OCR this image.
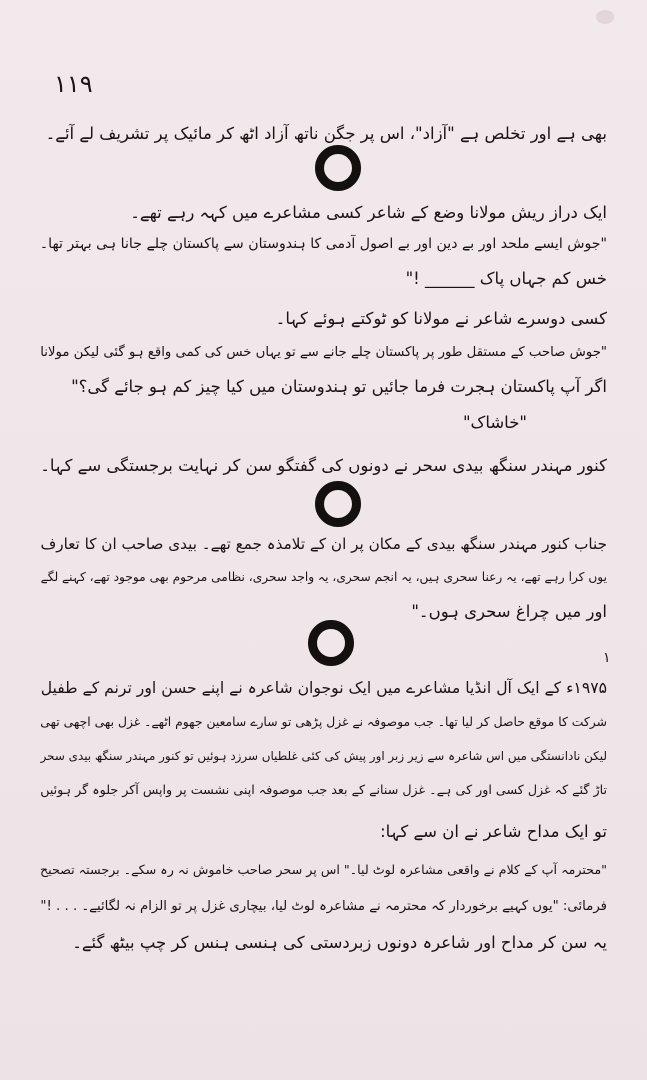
۱۱۹
بھی ہے اور تخلص ہے "آزاد"، اس پر جگن ناتھ آزاد اٹھ کر مائیک پر تشریف لے آئے۔
ایک دراز ریش مولانا وضع کے شاعر کسی مشاعرے میں کہہ رہے تھے۔
"جوش ایسے ملحد اور بے دین اور بے اصول آدمی کا ہندوستان سے پاکستان چلے جانا ہی بہتر تھا۔
خس کم جہاں پاک ______ !"
کسی دوسرے شاعر نے مولانا کو ٹوکتے ہوئے کہا۔
"جوش صاحب کے مستقل طور پر پاکستان چلے جانے سے تو یہاں خس کی کمی واقع ہو گئی لیکن مولانا
اگر آپ پاکستان ہجرت فرما جائیں تو ہندوستان میں کیا چیز کم ہو جائے گی؟"
"خاشاک"
کنور مہندر سنگھ بیدی سحر نے دونوں کی گفتگو سن کر نہایت برجستگی سے کہا۔
جناب کنور مہندر سنگھ بیدی کے مکان پر ان کے تلامذہ جمع تھے۔ بیدی صاحب ان کا تعارف
یوں کرا رہے تھے، یہ رعنا سحری ہیں، یہ انجم سحری، یہ واجد سحری، نظامی مرحوم بھی موجود تھے، کہنے لگے
اور میں چراغ سحری ہوں۔"
۱
۱۹۷۵ء کے ایک آل انڈیا مشاعرے میں ایک نوجوان شاعرہ نے اپنے حسن اور ترنم کے طفیل
شرکت کا موقع حاصل کر لیا تھا۔ جب موصوفہ نے غزل پڑھی تو سارے سامعین جھوم اٹھے۔ غزل بھی اچھی تھی
لیکن نادانستگی میں اس شاعرہ سے زیر زبر اور پیش کی کئی غلطیاں سرزد ہوئیں تو کنور مہندر سنگھ بیدی سحر
تاڑ گئے کہ غزل کسی اور کی ہے۔ غزل سنانے کے بعد جب موصوفہ اپنی نشست پر واپس آکر جلوہ گر ہوئیں
تو ایک مداح شاعر نے ان سے کہا:
"محترمہ آپ کے کلام نے واقعی مشاعرہ لوٹ لیا۔" اس پر سحر صاحب خاموش نہ رہ سکے۔ برجستہ تصحیح
فرمائی: "یوں کہیے برخوردار کہ محترمہ نے مشاعرہ لوٹ لیا، بیچاری غزل پر تو الزام نہ لگائیے۔ . . . !"
یہ سن کر مداح اور شاعرہ دونوں زبردستی کی ہنسی ہنس کر چپ بیٹھ گئے۔
